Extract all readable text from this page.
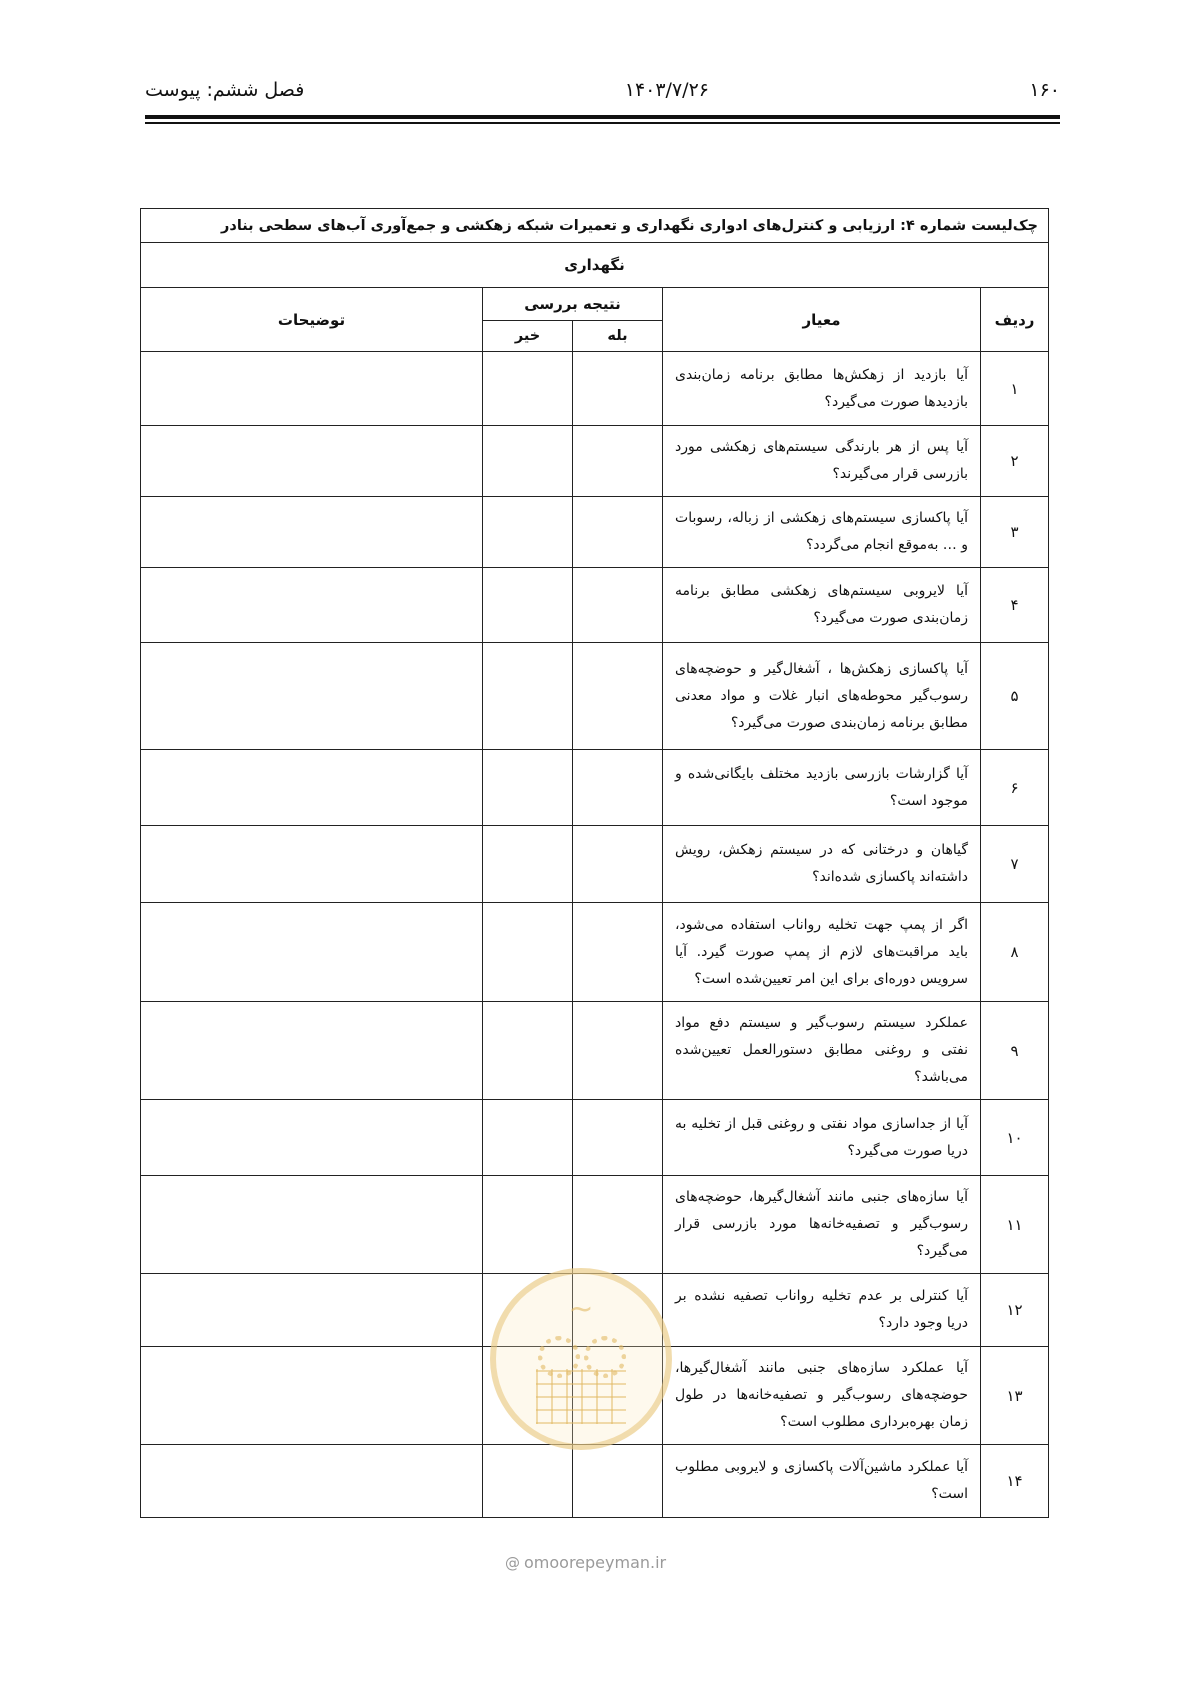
۱۶۰
۱۴۰۳/۷/۲۶
فصل ششم: پیوست
چک‌لیست شماره ۴: ارزیابی و کنترل‌های ادواری نگهداری و تعمیرات شبکه زهکشی و جمع‌آوری آب‌های سطحی بنادر				
نگهداری				
ردیف	معیار	نتیجه بررسی		توضیحات
		بله	خیر	
۱	آیا بازدید از زهکش‌ها مطابق برنامه زمان‌بندی بازدیدها صورت می‌گیرد؟			
۲	آیا پس از هر بارندگی سیستم‌های زهکشی مورد بازرسی قرار می‌گیرند؟			
۳	آیا پاکسازی سیستم‌های زهکشی از زباله، رسوبات و … به‌موقع انجام می‌گردد؟			
۴	آیا لایروبی سیستم‌های زهکشی مطابق برنامه زمان‌بندی صورت می‌گیرد؟			
۵	آیا پاکسازی زهکش‌ها ، آشغال‌گیر و حوضچه‌های رسوب‌گیر محوطه‌های انبار غلات و مواد معدنی مطابق برنامه زمان‌بندی صورت می‌گیرد؟			
۶	آیا گزارشات بازرسی بازدید مختلف بایگانی‌شده و موجود است؟			
۷	گیاهان و درختانی که در سیستم زهکش، رویش داشته‌اند پاکسازی شده‌اند؟			
۸	اگر از پمپ جهت تخلیه رواناب استفاده می‌شود، باید مراقبت‌های لازم از پمپ صورت گیرد. آیا سرویس دوره‌ای برای این امر تعیین‌شده است؟			
۹	عملکرد سیستم رسوب‌گیر و سیستم دفع مواد نفتی و روغنی مطابق دستورالعمل تعیین‌شده می‌باشد؟			
۱۰	آیا از جداسازی مواد نفتی و روغنی قبل از تخلیه به دریا صورت می‌گیرد؟			
۱۱	آیا سازه‌های جنبی مانند آشغال‌گیرها، حوضچه‌های رسوب‌گیر و تصفیه‌خانه‌ها مورد بازرسی قرار می‌گیرد؟			
۱۲	آیا کنترلی بر عدم تخلیه رواناب تصفیه نشده بر دریا وجود دارد؟			
۱۳	آیا عملکرد سازه‌های جنبی مانند آشغال‌گیرها، حوضچه‌های رسوب‌گیر و تصفیه‌خانه‌ها در طول زمان بهره‌برداری مطلوب است؟			
۱۴	آیا عملکرد ماشین‌آلات پاکسازی و لایروبی مطلوب است؟			
~
@ omoorepeyman.ir
